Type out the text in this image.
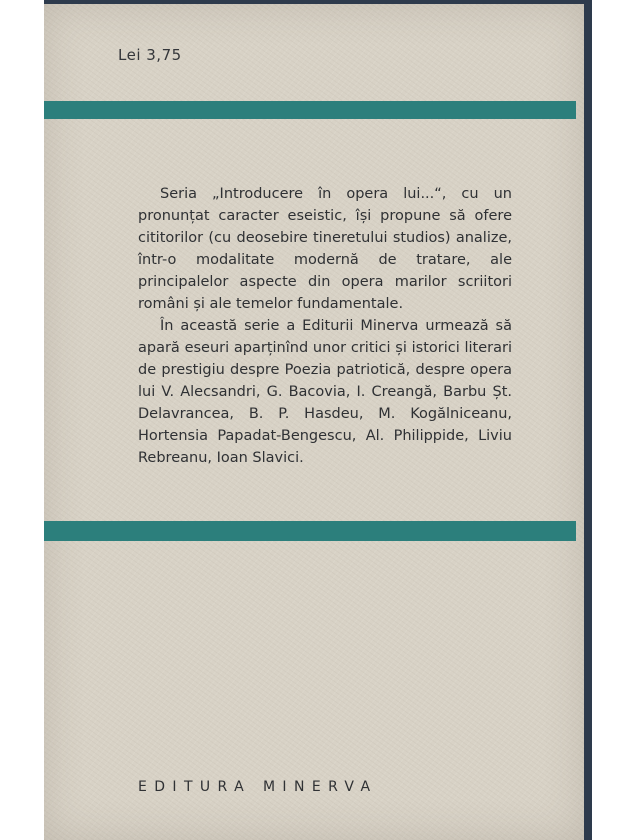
Lei 3,75

Seria „Introducere în opera lui...“, cu un pronunțat caracter eseistic, își propune să ofere cititorilor (cu deosebire tineretului studios) analize, într-o modalitate modernă de tratare, ale principalelor aspecte din opera marilor scriitori români și ale temelor fundamentale.

În această serie a Editurii Minerva urmează să apară eseuri aparținînd unor critici și istorici literari de prestigiu despre Poezia patriotică, despre opera lui V. Alecsandri, G. Bacovia, I. Creangă, Barbu Șt. Delavrancea, B. P. Hasdeu, M. Kogălniceanu, Hortensia Papadat-Bengescu, Al. Philippide, Liviu Rebreanu, Ioan Slavici.

EDITURA MINERVA
